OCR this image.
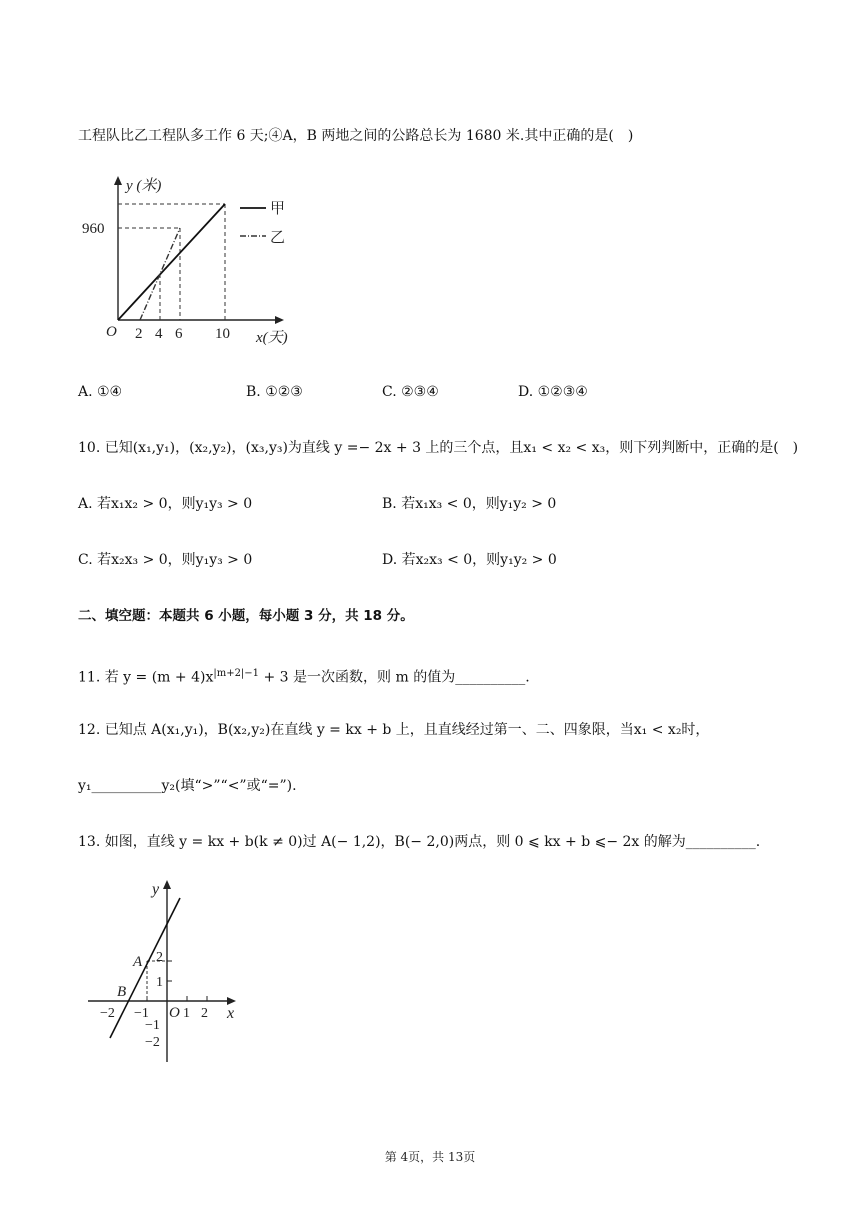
工程队比乙工程队多工作 6 天;④A，B 两地之间的公路总长为 1680 米.其中正确的是( )
y (米)
960
O 2 4 6 10 x(天)
甲
乙
A. ①④	B. ①②③	C. ②③④	D. ①②③④
10. 已知(x₁,y₁)，(x₂,y₂)，(x₃,y₃)为直线 y =− 2x + 3 上的三个点，且x₁ < x₂ < x₃，则下列判断中，正确的是( )
A. 若x₁x₂ > 0，则y₁y₃ > 0	B. 若x₁x₃ < 0，则y₁y₂ > 0
C. 若x₂x₃ > 0，则y₁y₃ > 0	D. 若x₂x₃ < 0，则y₁y₂ > 0
二、填空题：本题共 6 小题，每小题 3 分，共 18 分。
11. 若 $y = (m + 4)x^{|m+2|-1} + 3$ 是一次函数，则 m 的值为__________.
12. 已知点 A(x₁,y₁)，B(x₂,y₂)在直线 y = kx + b 上，且直线经过第一、二、四象限，当x₁ < x₂时，
y₁__________y₂(填“>”“<”或“=”).
13. 如图，直线 y = kx + b(k ≠ 0)过 A(− 1,2)，B(− 2,0)两点，则 0 ⩽ kx + b ⩽− 2x 的解为__________.
y
x
O
A
B
−2 −1 1 2
2
1
−1
−2
第 4页，共 13页
